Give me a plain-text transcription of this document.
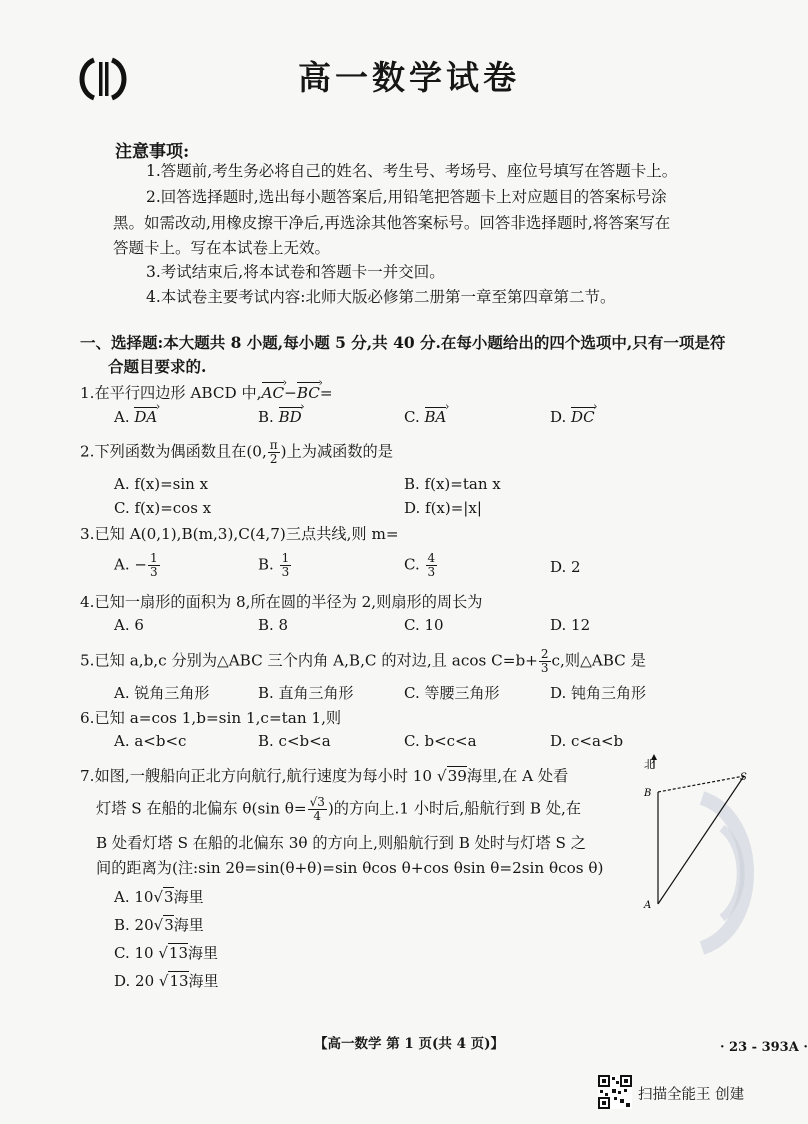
高一数学试卷
注意事项:
1.答题前,考生务必将自己的姓名、考生号、考场号、座位号填写在答题卡上。
2.回答选择题时,选出每小题答案后,用铅笔把答题卡上对应题目的答案标号涂
黑。如需改动,用橡皮擦干净后,再选涂其他答案标号。回答非选择题时,将答案写在
答题卡上。写在本试卷上无效。
3.考试结束后,将本试卷和答题卡一并交回。
4.本试卷主要考试内容:北师大版必修第二册第一章至第四章第二节。
一、选择题:本大题共 8 小题,每小题 5 分,共 40 分.在每小题给出的四个选项中,只有一项是符
合题目要求的.
1.在平行四边形 ABCD 中,AC ›−BC ›=
A. DA ›	B. BD ›	C. BA ›	D. DC ›
2.下列函数为偶函数且在(0, $\frac{\pi}{2}$ )上为减函数的是
A. f(x)=sin x	B. f(x)=tan x
C. f(x)=cos x	D. f(x)=|x|
3.已知 A(0,1),B(m,3),C(4,7)三点共线,则 m=
A. − $\frac{1}{3}$	B. $\frac{1}{3}$	C. $\frac{4}{3}$	D. 2
4.已知一扇形的面积为 8,所在圆的半径为 2,则扇形的周长为
A. 6	B. 8	C. 10	D. 12
5.已知 a,b,c 分别为△ABC 三个内角 A,B,C 的对边,且 acos $C=b+ \frac{2}{3} c$,则△ABC 是
A. 锐角三角形	B. 直角三角形	C. 等腰三角形	D. 钝角三角形
6.已知 a=cos 1,b=sin 1,c=tan 1,则
A. a<b<c	B. c<b<a	C. b<c<a	D. c<a<b
7.如图,一艘船向正北方向航行,航行速度为每小时 10 √39海里,在 A 处看
灯塔 S 在船的北偏东 θ(sin $\theta= \frac{√3}{4}$ )的方向上.1 小时后,船航行到 B 处,在
B 处看灯塔 S 在船的北偏东 3θ 的方向上,则船航行到 B 处时与灯塔 S 之
间的距离为(注:sin 2θ=sin(θ+θ)=sin θcos θ+cos θsin θ=2sin θcos θ)
A. 10√3海里
B. 20√3海里
C. 10 √13海里
D. 20 √13海里
北
S
B
A
【高一数学 第 1 页(共 4 页)】	· 23 - 393A ·
扫描全能王 创建
